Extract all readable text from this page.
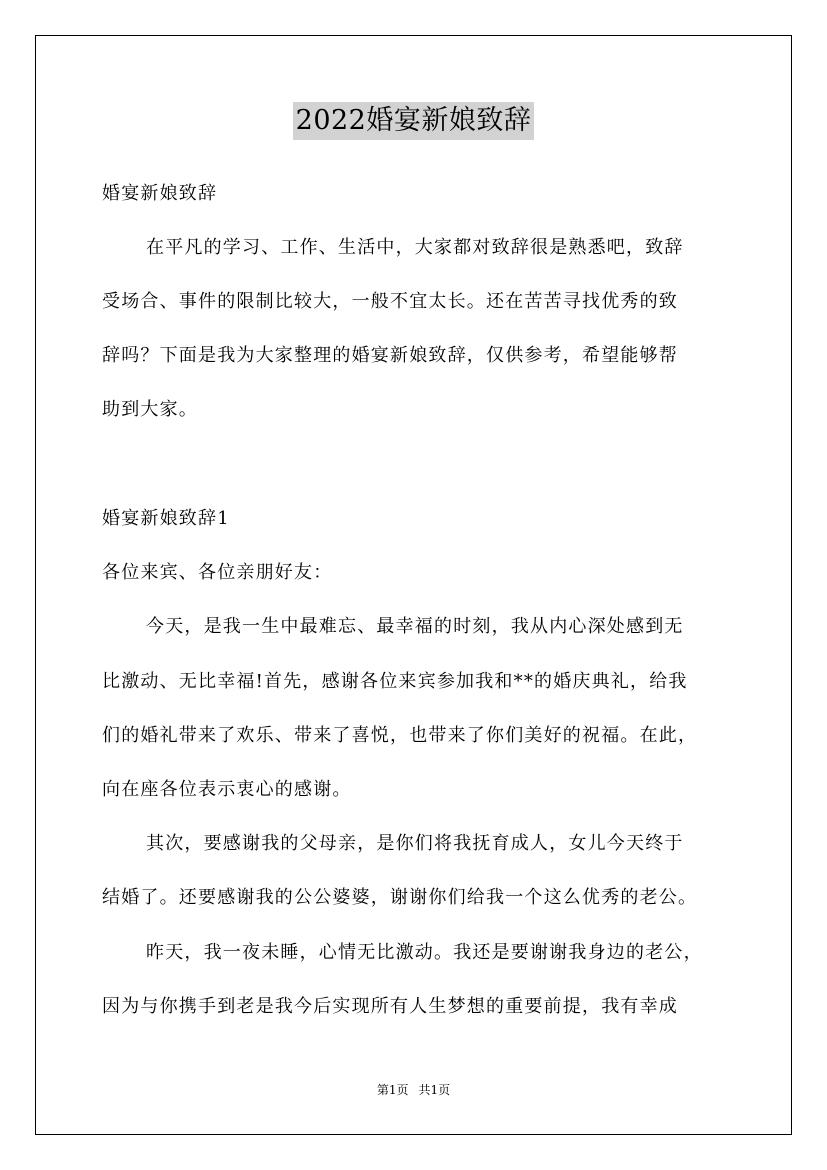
2022婚宴新娘致辞
婚宴新娘致辞
在平凡的学习、工作、生活中，大家都对致辞很是熟悉吧，致辞
受场合、事件的限制比较大，一般不宜太长。还在苦苦寻找优秀的致
辞吗？下面是我为大家整理的婚宴新娘致辞，仅供参考，希望能够帮
助到大家。
婚宴新娘致辞1
各位来宾、各位亲朋好友：
今天，是我一生中最难忘、最幸福的时刻，我从内心深处感到无
比激动、无比幸福!首先，感谢各位来宾参加我和**的婚庆典礼，给我
们的婚礼带来了欢乐、带来了喜悦，也带来了你们美好的祝福。在此，
向在座各位表示衷心的感谢。
其次，要感谢我的父母亲，是你们将我抚育成人，女儿今天终于
结婚了。还要感谢我的公公婆婆，谢谢你们给我一个这么优秀的老公。
昨天，我一夜未睡，心情无比激动。我还是要谢谢我身边的老公，
因为与你携手到老是我今后实现所有人生梦想的重要前提，我有幸成
第1页 共1页
